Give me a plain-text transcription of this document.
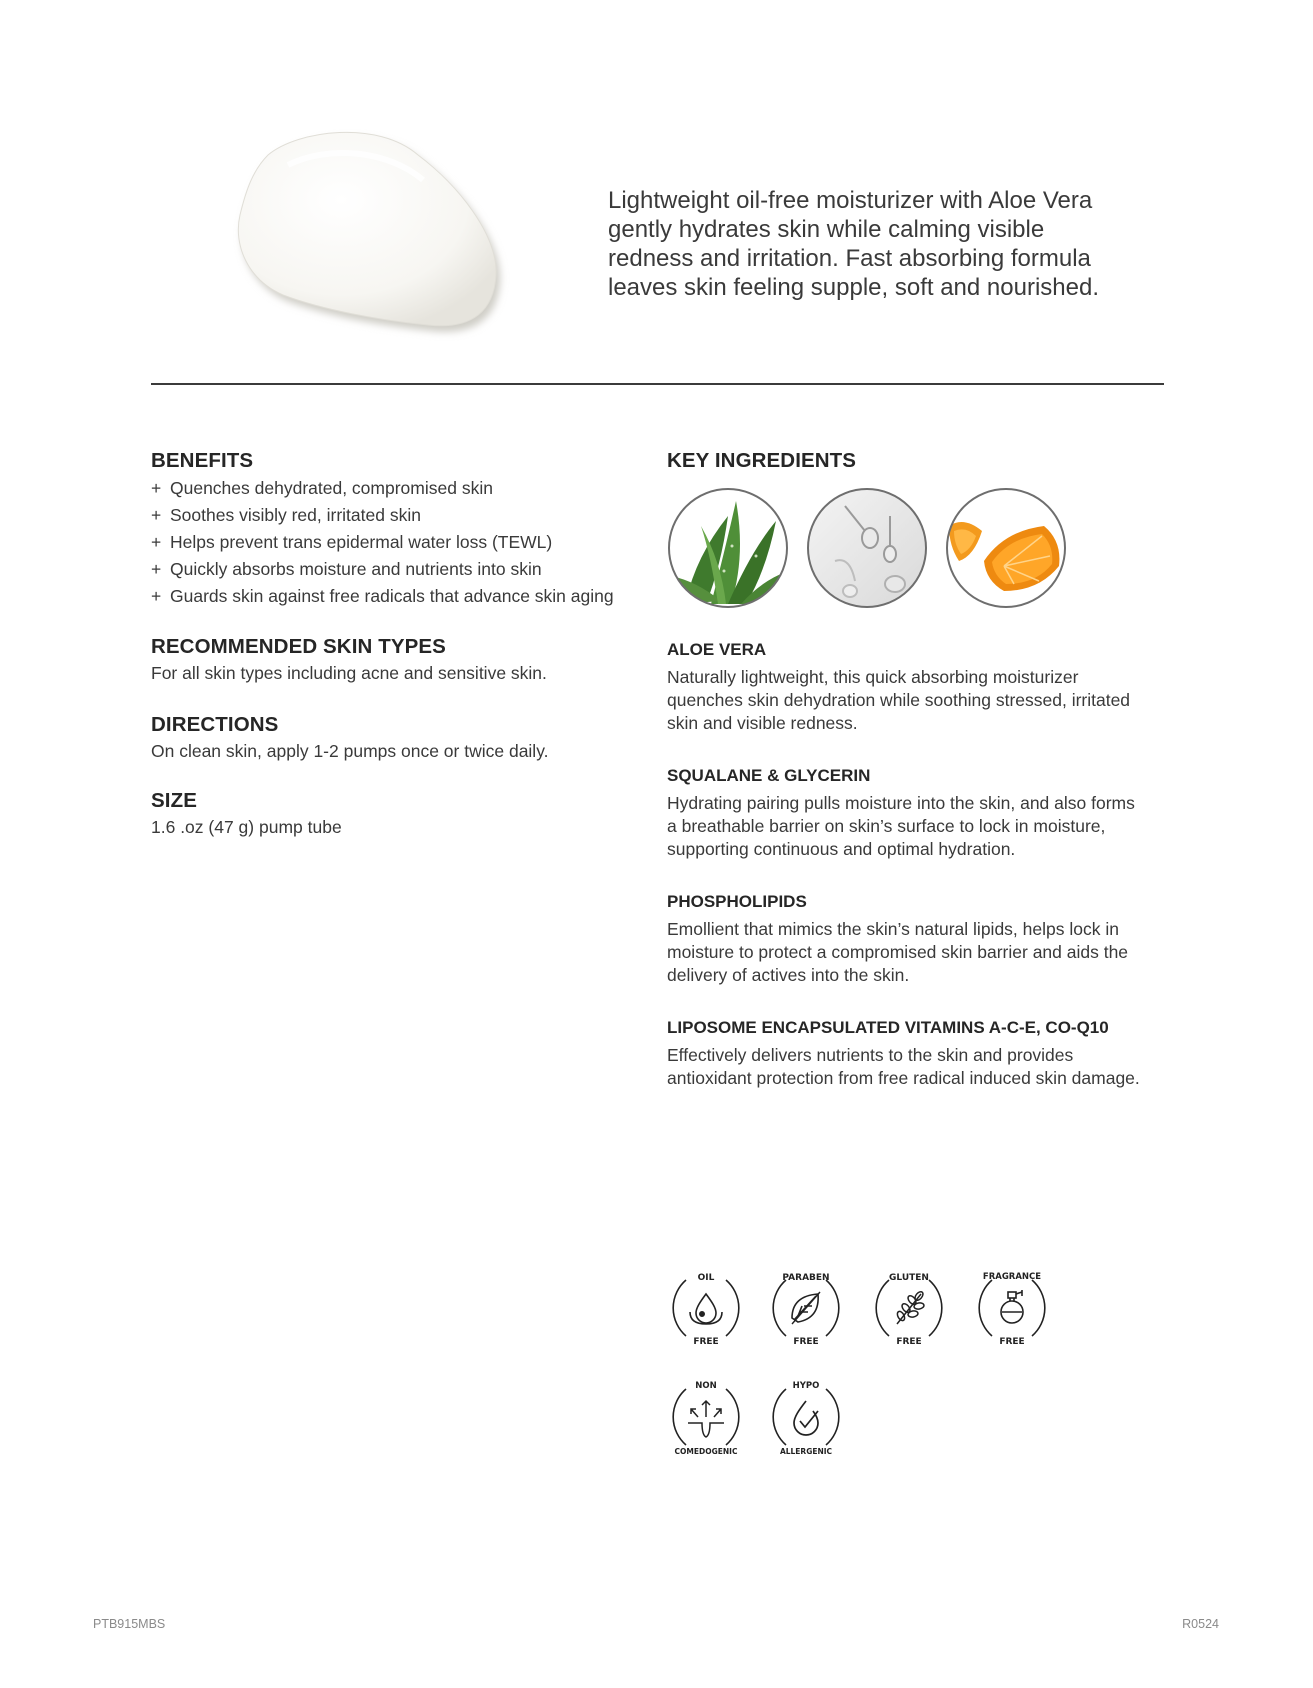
Lightweight oil-free moisturizer with Aloe Vera
gently hydrates skin while calming visible
redness and irritation. Fast absorbing formula
leaves skin feeling supple, soft and nourished.
BENEFITS
+ Quenches dehydrated, compromised skin
+ Soothes visibly red, irritated skin
+ Helps prevent trans epidermal water loss (TEWL)
+ Quickly absorbs moisture and nutrients into skin
+ Guards skin against free radicals that advance skin aging
RECOMMENDED SKIN TYPES

For all skin types including acne and sensitive skin.

DIRECTIONS

On clean skin, apply 1-2 pumps once or twice daily.

SIZE

1.6 .oz (47 g) pump tube

KEY INGREDIENTS

ALOE VERA

Naturally lightweight, this quick absorbing moisturizer
quenches skin dehydration while soothing stressed, irritated
skin and visible redness.

SQUALANE & GLYCERIN

Hydrating pairing pulls moisture into the skin, and also forms
a breathable barrier on skin’s surface to lock in moisture,
supporting continuous and optimal hydration.

PHOSPHOLIPIDS

Emollient that mimics the skin’s natural lipids, helps lock in
moisture to protect a compromised skin barrier and aids the
delivery of actives into the skin.

LIPOSOME ENCAPSULATED VITAMINS A-C-E, CO-Q10

Effectively delivers nutrients to the skin and provides
antioxidant protection from free radical induced skin damage.
OIL
FREE
PARABEN
FREE
GLUTEN
FREE
FRAGRANCE
FREE
NON
COMEDOGENIC
HYPO
ALLERGENIC
PTB915MBS	R0524
